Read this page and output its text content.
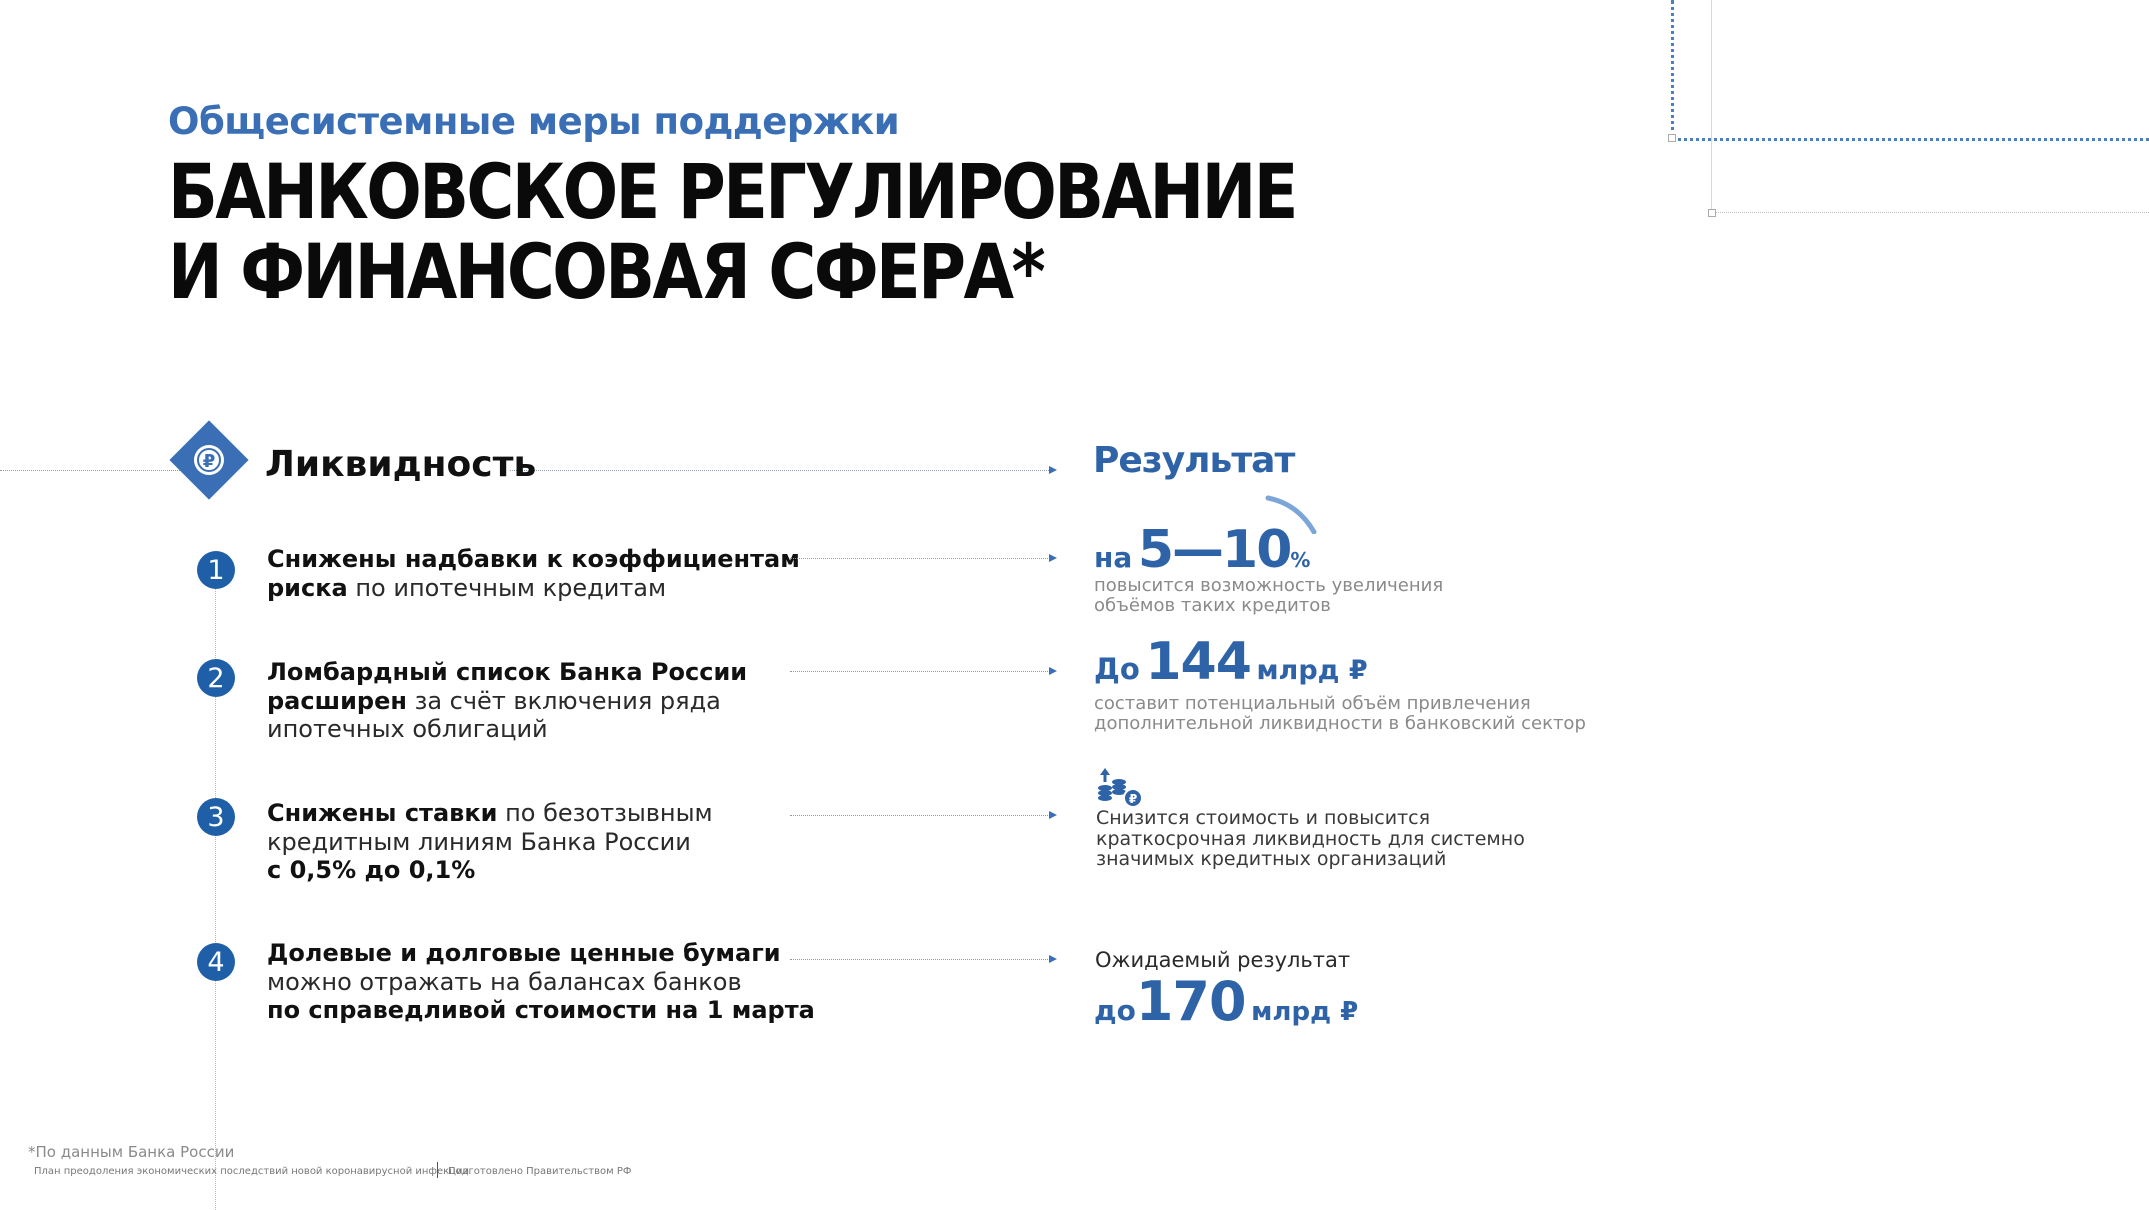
Общесистемные меры поддержки
БАНКОВСКОЕ РЕГУЛИРОВАНИЕ
И ФИНАНСОВАЯ СФЕРА*
₽ Ликвидность	Результат
1	Снижены надбавки к коэффициентам
риска по ипотечным кредитам
2	Ломбардный список Банка России
расширен за счёт включения ряда
ипотечных облигаций
3	Снижены ставки по безотзывным
кредитным линиям Банка России
с 0,5% до 0,1%
4	Долевые и долговые ценные бумаги
можно отражать на балансах банков
по справедливой стоимости на 1 марта
на 5—10%
повысится возможность увеличения
объёмов таких кредитов
До 144 млрд ₽
составит потенциальный объём привлечения
дополнительной ликвидности в банковский сектор
₽
Снизится стоимость и повысится
краткосрочная ликвидность для системно
значимых кредитных организаций
Ожидаемый результат
до170 млрд ₽
*По данным Банка России
План преодоления экономических последствий новой коронавирусной инфекции
Подготовлено Правительством РФ
